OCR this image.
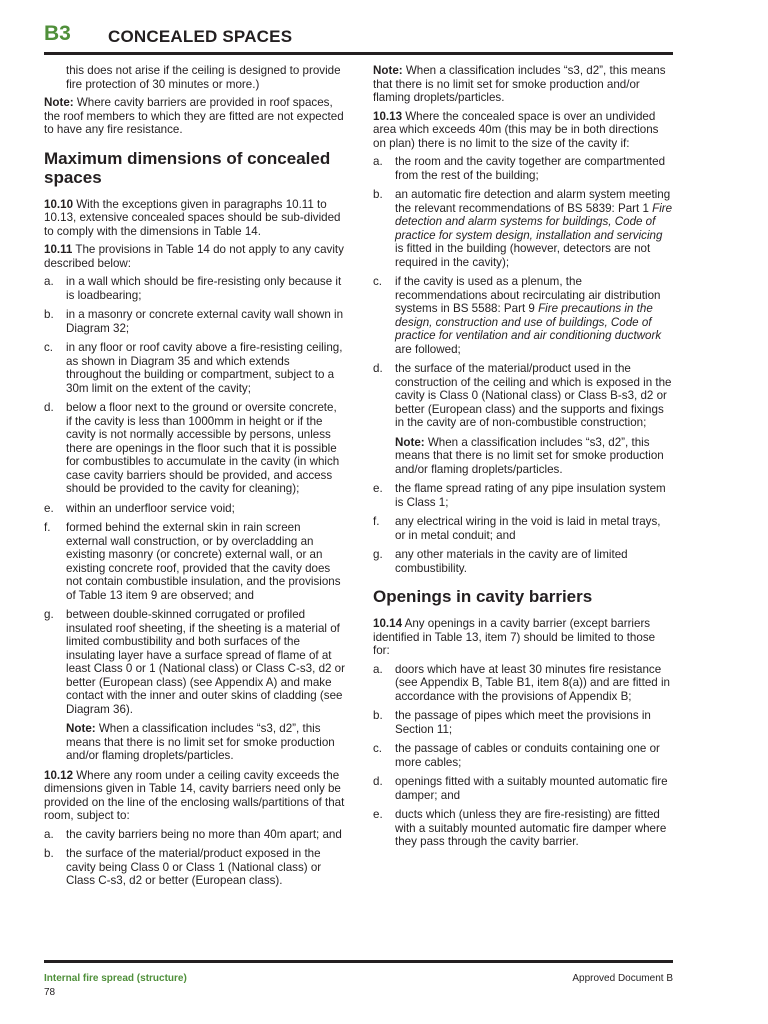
B3 CONCEALED SPACES

this does not arise if the ceiling is designed to provide fire protection of 30 minutes or more.)

Note: Where cavity barriers are provided in roof spaces, the roof members to which they are fitted are not expected to have any fire resistance.

Maximum dimensions of concealed spaces

10.10 With the exceptions given in paragraphs 10.11 to 10.13, extensive concealed spaces should be sub-divided to comply with the dimensions in Table 14.

10.11 The provisions in Table 14 do not apply to any cavity described below:

a. in a wall which should be fire-resisting only because it is loadbearing;
b. in a masonry or concrete external cavity wall shown in Diagram 32;
c. in any floor or roof cavity above a fire-resisting ceiling, as shown in Diagram 35 and which extends throughout the building or compartment, subject to a 30m limit on the extent of the cavity;
d. below a floor next to the ground or oversite concrete, if the cavity is less than 1000mm in height or if the cavity is not normally accessible by persons, unless there are openings in the floor such that it is possible for combustibles to accumulate in the cavity (in which case cavity barriers should be provided, and access should be provided to the cavity for cleaning);
e. within an underfloor service void;
f. formed behind the external skin in rain screen external wall construction, or by overcladding an existing masonry (or concrete) external wall, or an existing concrete roof, provided that the cavity does not contain combustible insulation, and the provisions of Table 13 item 9 are observed; and
g. between double-skinned corrugated or profiled insulated roof sheeting, if the sheeting is a material of limited combustibility and both surfaces of the insulating layer have a surface spread of flame of at least Class 0 or 1 (National class) or Class C-s3, d2 or better (European class) (see Appendix A) and make contact with the inner and outer skins of cladding (see Diagram 36).

Note: When a classification includes “s3, d2”, this means that there is no limit set for smoke production and/or flaming droplets/particles.

10.12 Where any room under a ceiling cavity exceeds the dimensions given in Table 14, cavity barriers need only be provided on the line of the enclosing walls/partitions of that room, subject to:

a. the cavity barriers being no more than 40m apart; and
b. the surface of the material/product exposed in the cavity being Class 0 or Class 1 (National class) or Class C-s3, d2 or better (European class).

Note: When a classification includes “s3, d2”, this means that there is no limit set for smoke production and/or flaming droplets/particles.

10.13 Where the concealed space is over an undivided area which exceeds 40m (this may be in both directions on plan) there is no limit to the size of the cavity if:

a. the room and the cavity together are compartmented from the rest of the building;
b. an automatic fire detection and alarm system meeting the relevant recommendations of BS 5839: Part 1 Fire detection and alarm systems for buildings, Code of practice for system design, installation and servicing is fitted in the building (however, detectors are not required in the cavity);
c. if the cavity is used as a plenum, the recommendations about recirculating air distribution systems in BS 5588: Part 9 Fire precautions in the design, construction and use of buildings, Code of practice for ventilation and air conditioning ductwork are followed;
d. the surface of the material/product used in the construction of the ceiling and which is exposed in the cavity is Class 0 (National class) or Class B-s3, d2 or better (European class) and the supports and fixings in the cavity are of non-combustible construction;

Note: When a classification includes “s3, d2”, this means that there is no limit set for smoke production and/or flaming droplets/particles.

e. the flame spread rating of any pipe insulation system is Class 1;
f. any electrical wiring in the void is laid in metal trays, or in metal conduit; and
g. any other materials in the cavity are of limited combustibility.
Openings in cavity barriers

10.14 Any openings in a cavity barrier (except barriers identified in Table 13, item 7) should be limited to those for:

a. doors which have at least 30 minutes fire resistance (see Appendix B, Table B1, item 8(a)) and are fitted in accordance with the provisions of Appendix B;
b. the passage of pipes which meet the provisions in Section 11;
c. the passage of cables or conduits containing one or more cables;
d. openings fitted with a suitably mounted automatic fire damper; and
e. ducts which (unless they are fire-resisting) are fitted with a suitably mounted automatic fire damper where they pass through the cavity barrier.
Internal fire spread (structure)
78
Approved Document B
